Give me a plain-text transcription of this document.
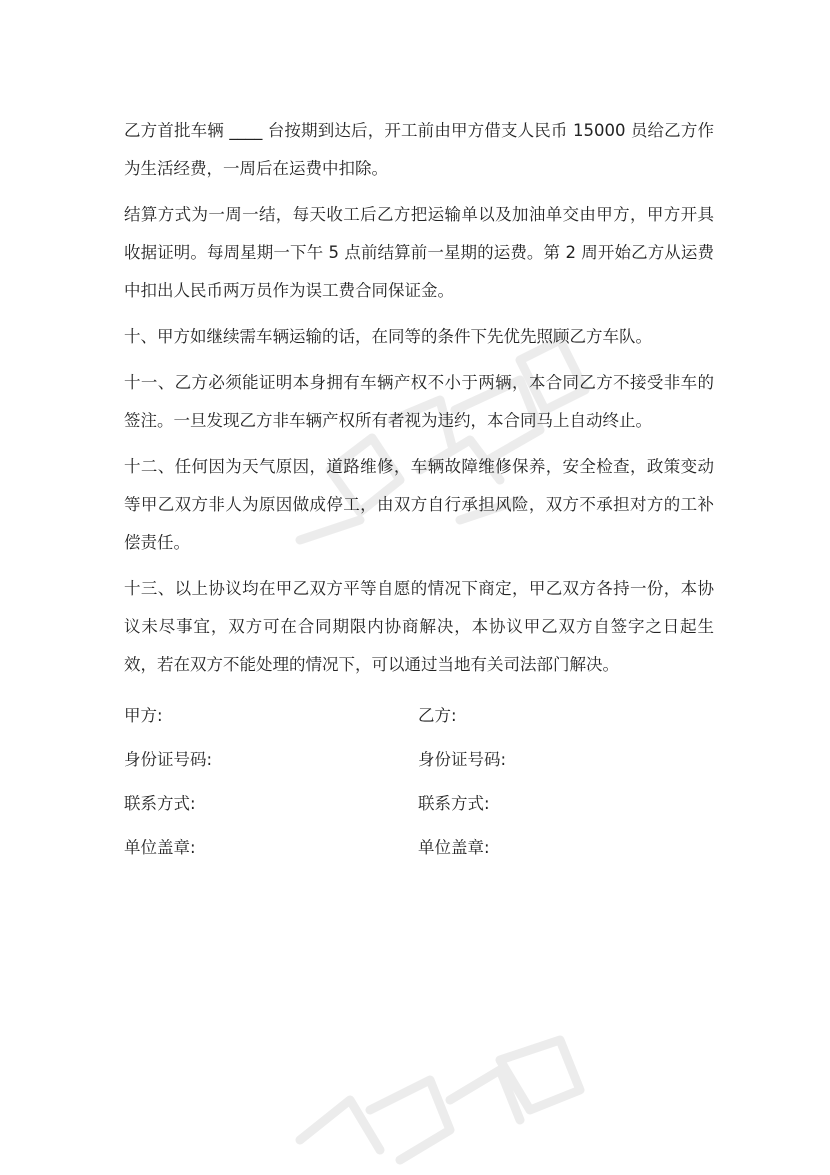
乙方首批车辆 ____ 台按期到达后，开工前由甲方借支人民币 15000 员给乙方作为生活经费，一周后在运费中扣除。

结算方式为一周一结，每天收工后乙方把运输单以及加油单交由甲方，甲方开具收据证明。每周星期一下午 5 点前结算前一星期的运费。第 2 周开始乙方从运费中扣出人民币两万员作为误工费合同保证金。

十、甲方如继续需车辆运输的话，在同等的条件下先优先照顾乙方车队。

十一、乙方必须能证明本身拥有车辆产权不小于两辆，本合同乙方不接受非车的签注。一旦发现乙方非车辆产权所有者视为违约，本合同马上自动终止。

十二、任何因为天气原因，道路维修，车辆故障维修保养，安全检查，政策变动等甲乙双方非人为原因做成停工，由双方自行承担风险，双方不承担对方的工补偿责任。

十三、以上协议均在甲乙双方平等自愿的情况下商定，甲乙双方各持一份，本协议未尽事宜，双方可在合同期限内协商解决，本协议甲乙双方自签字之日起生效，若在双方不能处理的情况下，可以通过当地有关司法部门解决。

甲方:	乙方:
身份证号码:	身份证号码:
联系方式:	联系方式:
单位盖章:	单位盖章:
